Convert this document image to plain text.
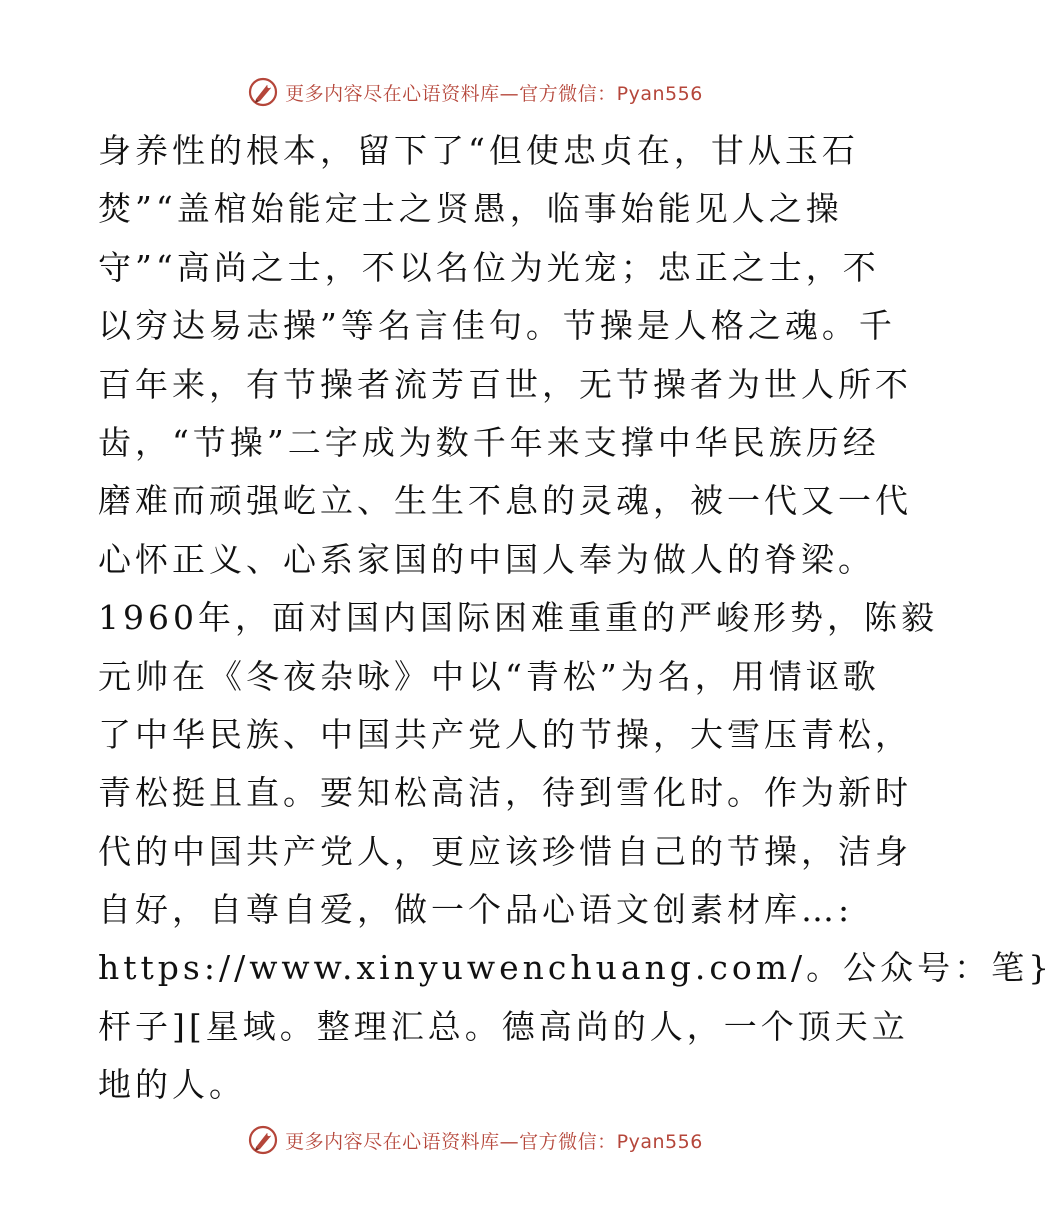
更多内容尽在心语资料库—官方微信：Pyan556
身养性的根本，留下了“但使忠贞在，甘从玉石
焚”“盖棺始能定士之贤愚，临事始能见人之操
守”“高尚之士，不以名位为光宠；忠正之士，不
以穷达易志操”等名言佳句。节操是人格之魂。千
百年来，有节操者流芳百世，无节操者为世人所不
齿，“节操”二字成为数千年来支撑中华民族历经
磨难而顽强屹立、生生不息的灵魂，被一代又一代
心怀正义、心系家国的中国人奉为做人的脊梁。
1960年，面对国内国际困难重重的严峻形势，陈毅
元帅在《冬夜杂咏》中以“青松”为名，用情讴歌
了中华民族、中国共产党人的节操，大雪压青松，
青松挺且直。要知松高洁，待到雪化时。作为新时
代的中国共产党人，更应该珍惜自己的节操，洁身
自好，自尊自爱，做一个品心语文创素材库…:
https://www.xinyuwenchuang.com/。公众号：笔}
杆子][星域。整理汇总。德高尚的人，一个顶天立
地的人。
更多内容尽在心语资料库—官方微信：Pyan556
